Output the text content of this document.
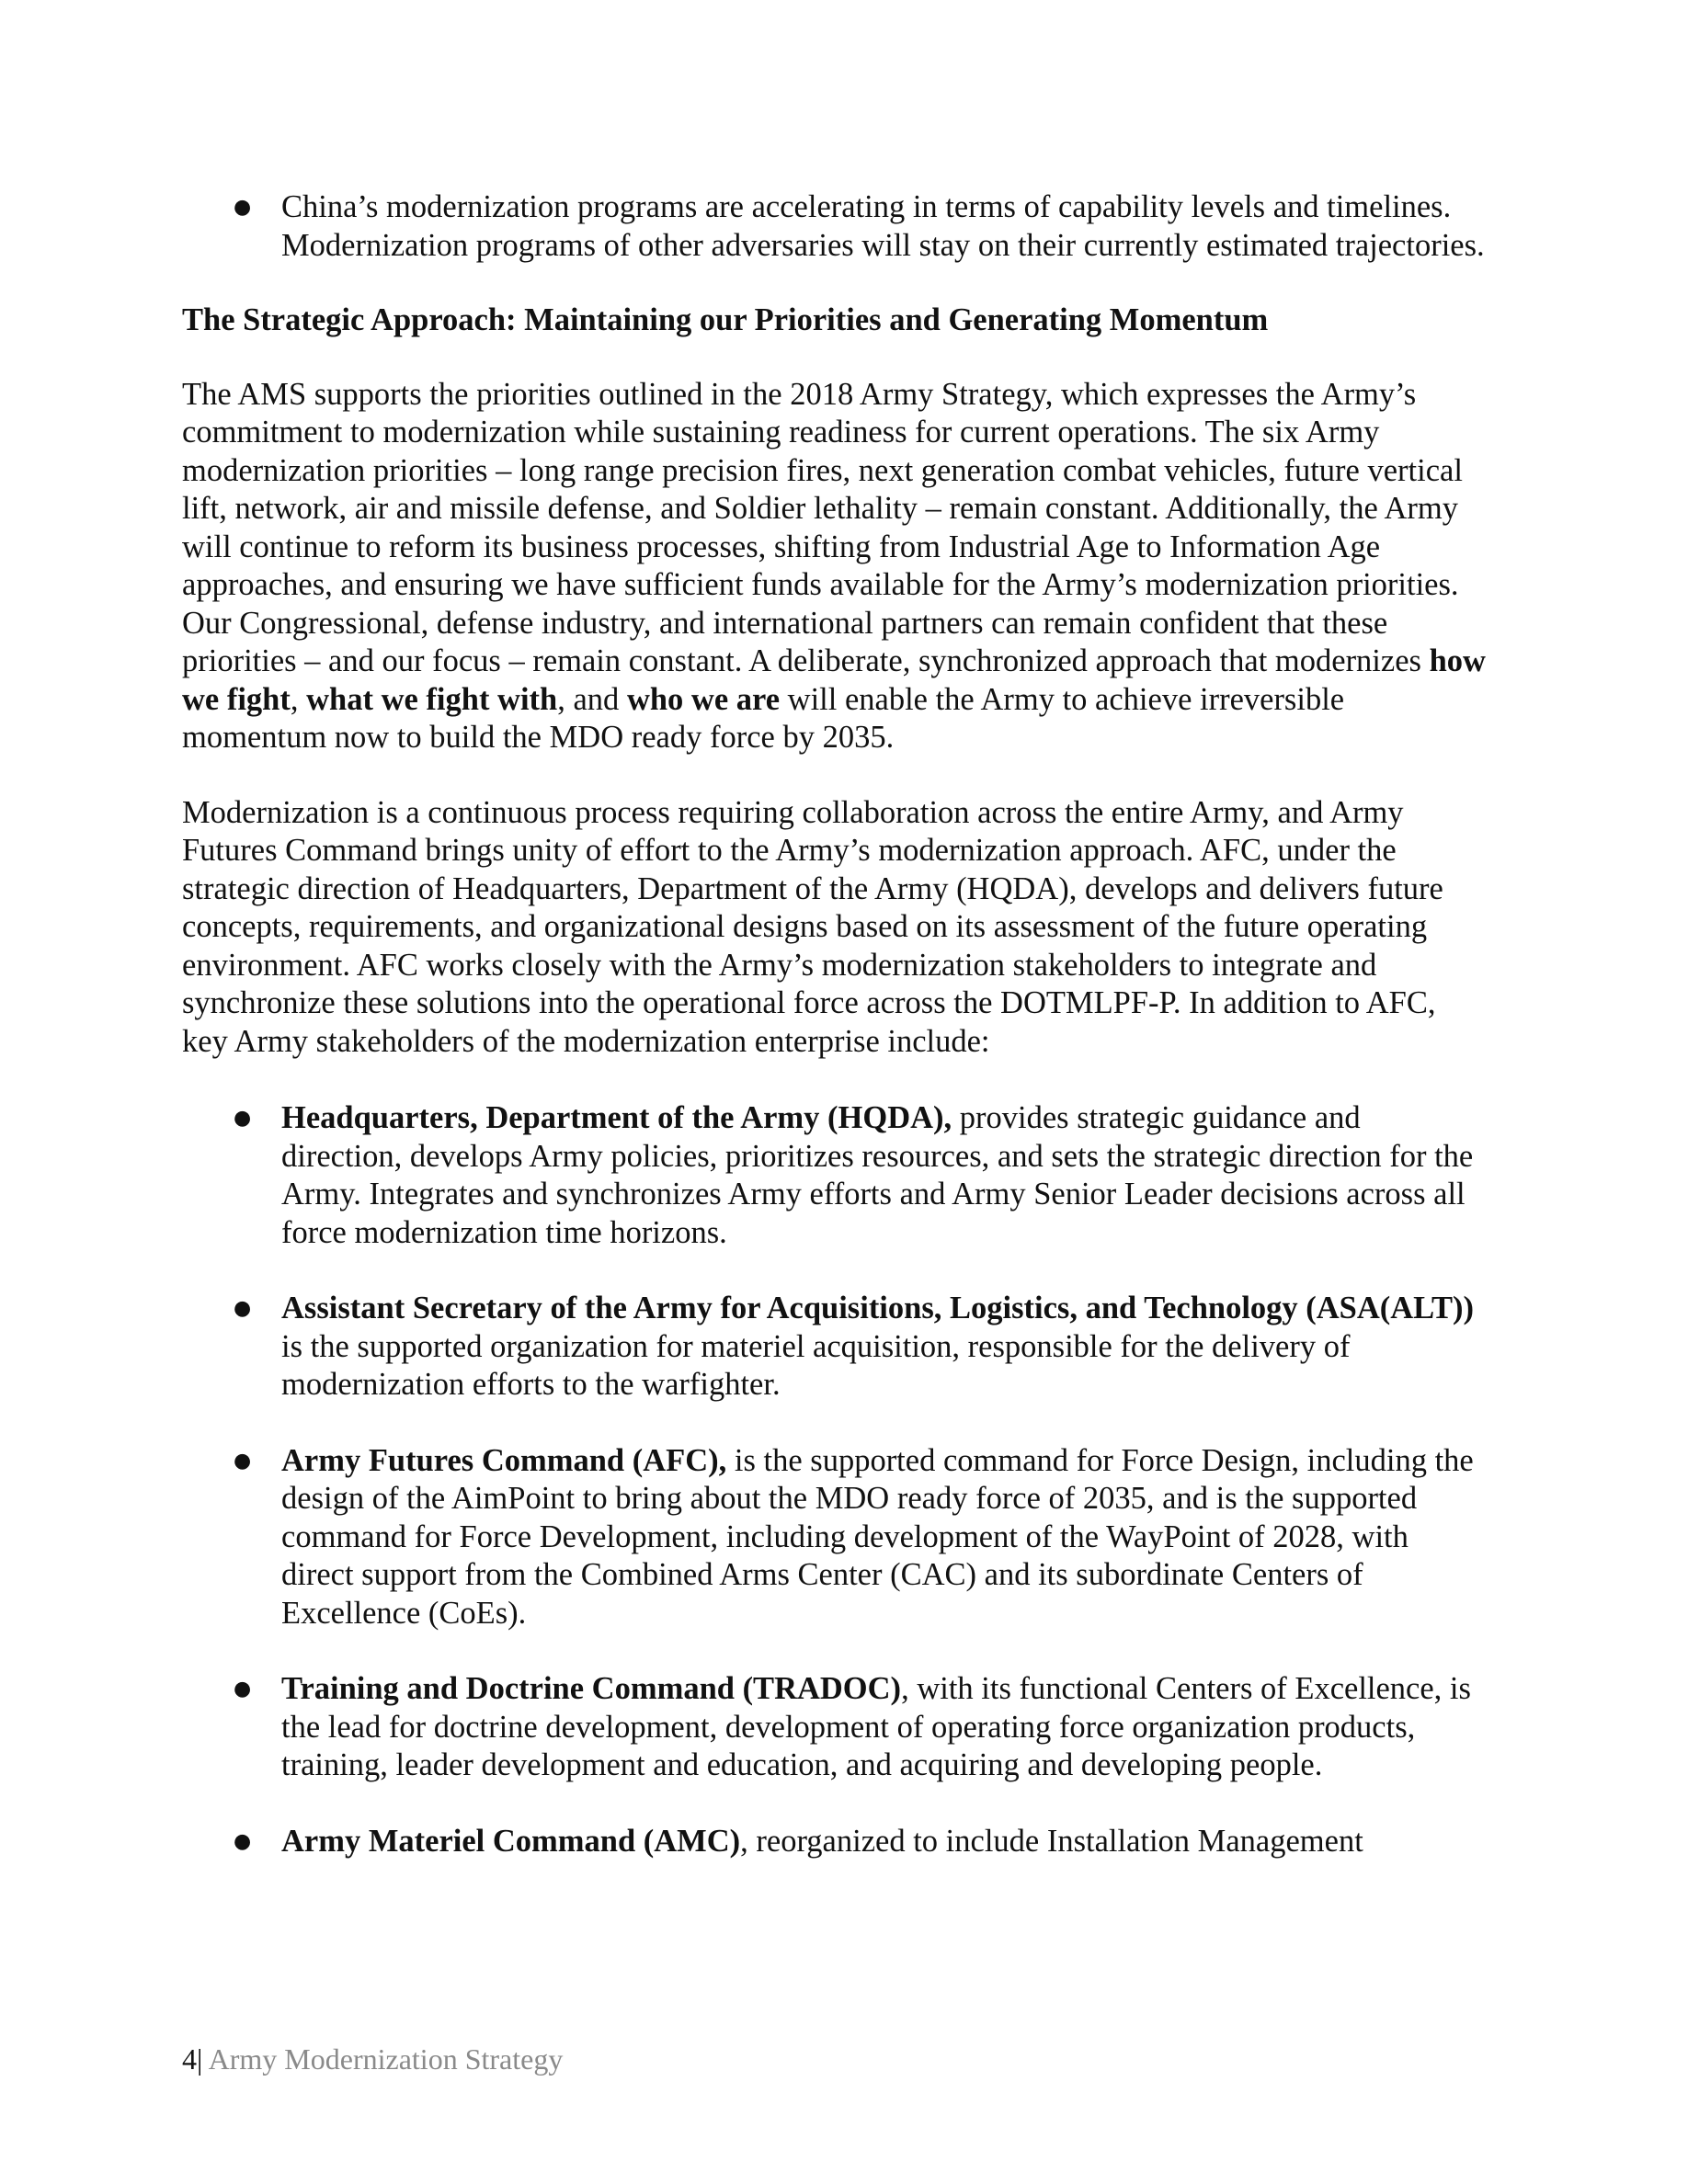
● China’s modernization programs are accelerating in terms of capability levels and timelines. Modernization programs of other adversaries will stay on their currently estimated trajectories.

The Strategic Approach: Maintaining our Priorities and Generating Momentum

The AMS supports the priorities outlined in the 2018 Army Strategy, which expresses the Army’s commitment to modernization while sustaining readiness for current operations. The six Army modernization priorities – long range precision fires, next generation combat vehicles, future vertical lift, network, air and missile defense, and Soldier lethality – remain constant. Additionally, the Army will continue to reform its business processes, shifting from Industrial Age to Information Age approaches, and ensuring we have sufficient funds available for the Army’s modernization priorities. Our Congressional, defense industry, and international partners can remain confident that these priorities – and our focus – remain constant. A deliberate, synchronized approach that modernizes how we fight, what we fight with, and who we are will enable the Army to achieve irreversible momentum now to build the MDO ready force by 2035.

Modernization is a continuous process requiring collaboration across the entire Army, and Army Futures Command brings unity of effort to the Army’s modernization approach. AFC, under the strategic direction of Headquarters, Department of the Army (HQDA), develops and delivers future concepts, requirements, and organizational designs based on its assessment of the future operating environment. AFC works closely with the Army’s modernization stakeholders to integrate and synchronize these solutions into the operational force across the DOTMLPF-P. In addition to AFC, key Army stakeholders of the modernization enterprise include:

● Headquarters, Department of the Army (HQDA), provides strategic guidance and direction, develops Army policies, prioritizes resources, and sets the strategic direction for the Army. Integrates and synchronizes Army efforts and Army Senior Leader decisions across all force modernization time horizons.
● Assistant Secretary of the Army for Acquisitions, Logistics, and Technology (ASA(ALT)) is the supported organization for materiel acquisition, responsible for the delivery of modernization efforts to the warfighter.
● Army Futures Command (AFC), is the supported command for Force Design, including the design of the AimPoint to bring about the MDO ready force of 2035, and is the supported command for Force Development, including development of the WayPoint of 2028, with direct support from the Combined Arms Center (CAC) and its subordinate Centers of Excellence (CoEs).
● Training and Doctrine Command (TRADOC), with its functional Centers of Excellence, is the lead for doctrine development, development of operating force organization products, training, leader development and education, and acquiring and developing people.
● Army Materiel Command (AMC), reorganized to include Installation Management
4| Army Modernization Strategy
